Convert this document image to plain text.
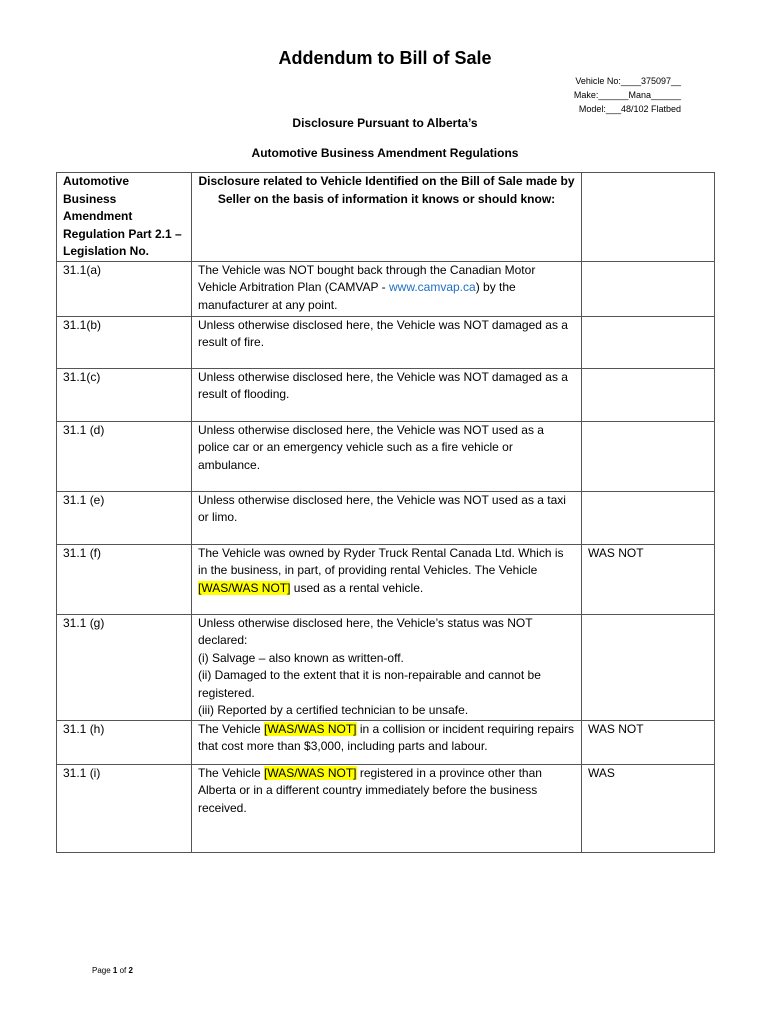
Addendum to Bill of Sale
Vehicle No:____375097__
Make:______Mana______
Model:___48/102 Flatbed
Disclosure Pursuant to Alberta’s
Automotive Business Amendment Regulations

Automotive Business Amendment Regulation Part 2.1 – Legislation No.	Disclosure related to Vehicle Identified on the Bill of Sale made by Seller on the basis of information it knows or should know:	

31.1(a)	The Vehicle was NOT bought back through the Canadian Motor Vehicle Arbitration Plan (CAMVAP - www.camvap.ca) by the manufacturer at any point.	
31.1(b)	Unless otherwise disclosed here, the Vehicle was NOT damaged as a result of fire.	
31.1(c)	Unless otherwise disclosed here, the Vehicle was NOT damaged as a result of flooding.	
31.1 (d)	Unless otherwise disclosed here, the Vehicle was NOT used as a police car or an emergency vehicle such as a fire vehicle or ambulance.	
31.1 (e)	Unless otherwise disclosed here, the Vehicle was NOT used as a taxi or limo.	
31.1 (f)	The Vehicle was owned by Ryder Truck Rental Canada Ltd. Which is in the business, in part, of providing rental Vehicles. The Vehicle [WAS/WAS NOT] used as a rental vehicle.	WAS NOT
31.1 (g)	Unless otherwise disclosed here, the Vehicle’s status was NOT declared:
(i) Salvage – also known as written-off.
(ii) Damaged to the extent that it is non-repairable and cannot be registered.
(iii) Reported by a certified technician to be unsafe.	

31.1 (h)	The Vehicle [WAS/WAS NOT] in a collision or incident requiring repairs that cost more than $3,000, including parts and labour.	WAS NOT
31.1 (i)	The Vehicle [WAS/WAS NOT] registered in a province other than Alberta or in a different country immediately before the business received.	WAS
Page 1 of 2
